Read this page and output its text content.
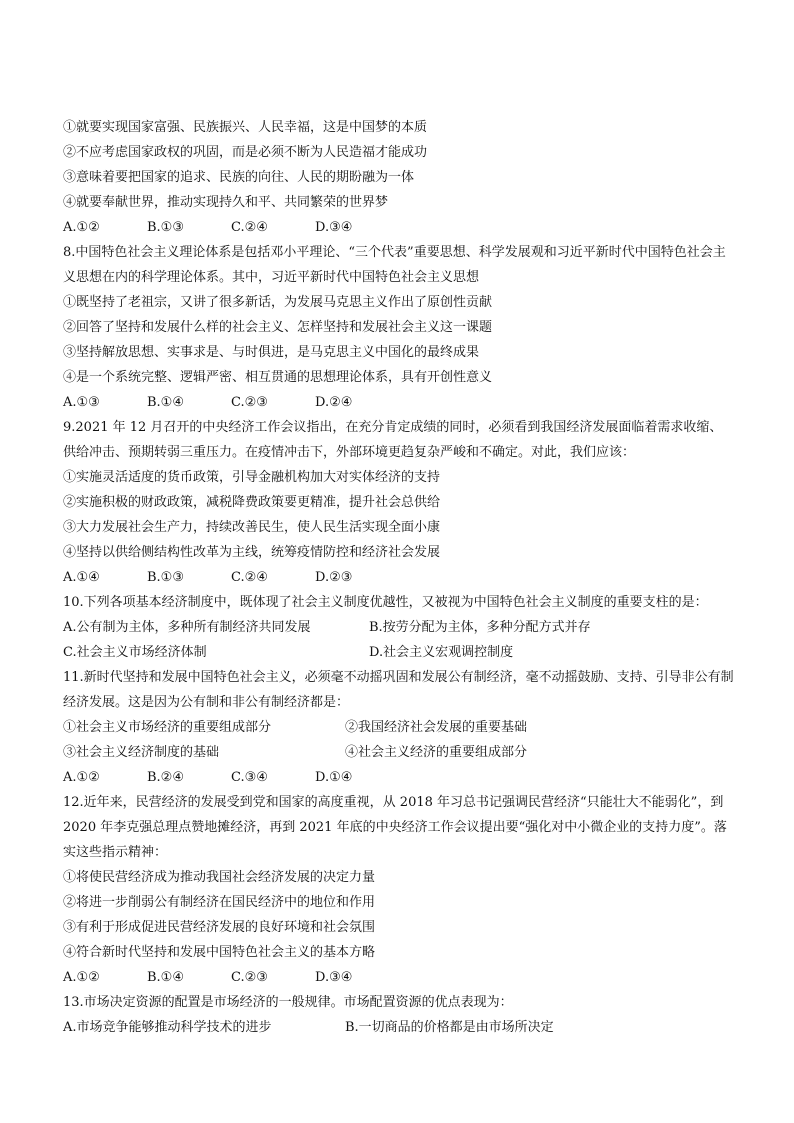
①就要实现国家富强、民族振兴、人民幸福，这是中国梦的本质
②不应考虑国家政权的巩固，而是必须不断为人民造福才能成功
③意味着要把国家的追求、民族的向往、人民的期盼融为一体
④就要奉献世界，推动实现持久和平、共同繁荣的世界梦
A.①②	B.①③	C.②④	D.③④
8.中国特色社会主义理论体系是包括邓小平理论、“三个代表”重要思想、科学发展观和习近平新时代中国特色社会主义思想在内的科学理论体系。其中，习近平新时代中国特色社会主义思想
①既坚持了老祖宗，又讲了很多新话，为发展马克思主义作出了原创性贡献
②回答了坚持和发展什么样的社会主义、怎样坚持和发展社会主义这一课题
③坚持解放思想、实事求是、与时俱进，是马克思主义中国化的最终成果
④是一个系统完整、逻辑严密、相互贯通的思想理论体系，具有开创性意义
A.①③	B.①④	C.②③	D.②④
9.2021 年 12 月召开的中央经济工作会议指出，在充分肯定成绩的同时，必须看到我国经济发展面临着需求收缩、供给冲击、预期转弱三重压力。在疫情冲击下，外部环境更趋复杂严峻和不确定。对此，我们应该：
①实施灵活适度的货币政策，引导金融机构加大对实体经济的支持
②实施积极的财政政策，减税降费政策要更精准，提升社会总供给
③大力发展社会生产力，持续改善民生，使人民生活实现全面小康
④坚持以供给侧结构性改革为主线，统筹疫情防控和经济社会发展
A.①④	B.①③	C.②④	D.②③
10.下列各项基本经济制度中，既体现了社会主义制度优越性，又被视为中国特色社会主义制度的重要支柱的是：
A.公有制为主体，多种所有制经济共同发展	B.按劳分配为主体，多种分配方式并存
C.社会主义市场经济体制	D.社会主义宏观调控制度
11.新时代坚持和发展中国特色社会主义，必须毫不动摇巩固和发展公有制经济，毫不动摇鼓励、支持、引导非公有制经济发展。这是因为公有制和非公有制经济都是：
①社会主义市场经济的重要组成部分	②我国经济社会发展的重要基础
③社会主义经济制度的基础	④社会主义经济的重要组成部分
A.①②	B.②④	C.③④	D.①④
12.近年来，民营经济的发展受到党和国家的高度重视，从 2018 年习总书记强调民营经济“只能壮大不能弱化”，到 2020 年李克强总理点赞地摊经济，再到 2021 年底的中央经济工作会议提出要“强化对中小微企业的支持力度”。落实这些指示精神：
①将使民营经济成为推动我国社会经济发展的决定力量
②将进一步削弱公有制经济在国民经济中的地位和作用
③有利于形成促进民营经济发展的良好环境和社会氛围
④符合新时代坚持和发展中国特色社会主义的基本方略
A.①②	B.①④	C.②③	D.③④
13.市场决定资源的配置是市场经济的一般规律。市场配置资源的优点表现为：
A.市场竞争能够推动科学技术的进步	B.一切商品的价格都是由市场所决定
